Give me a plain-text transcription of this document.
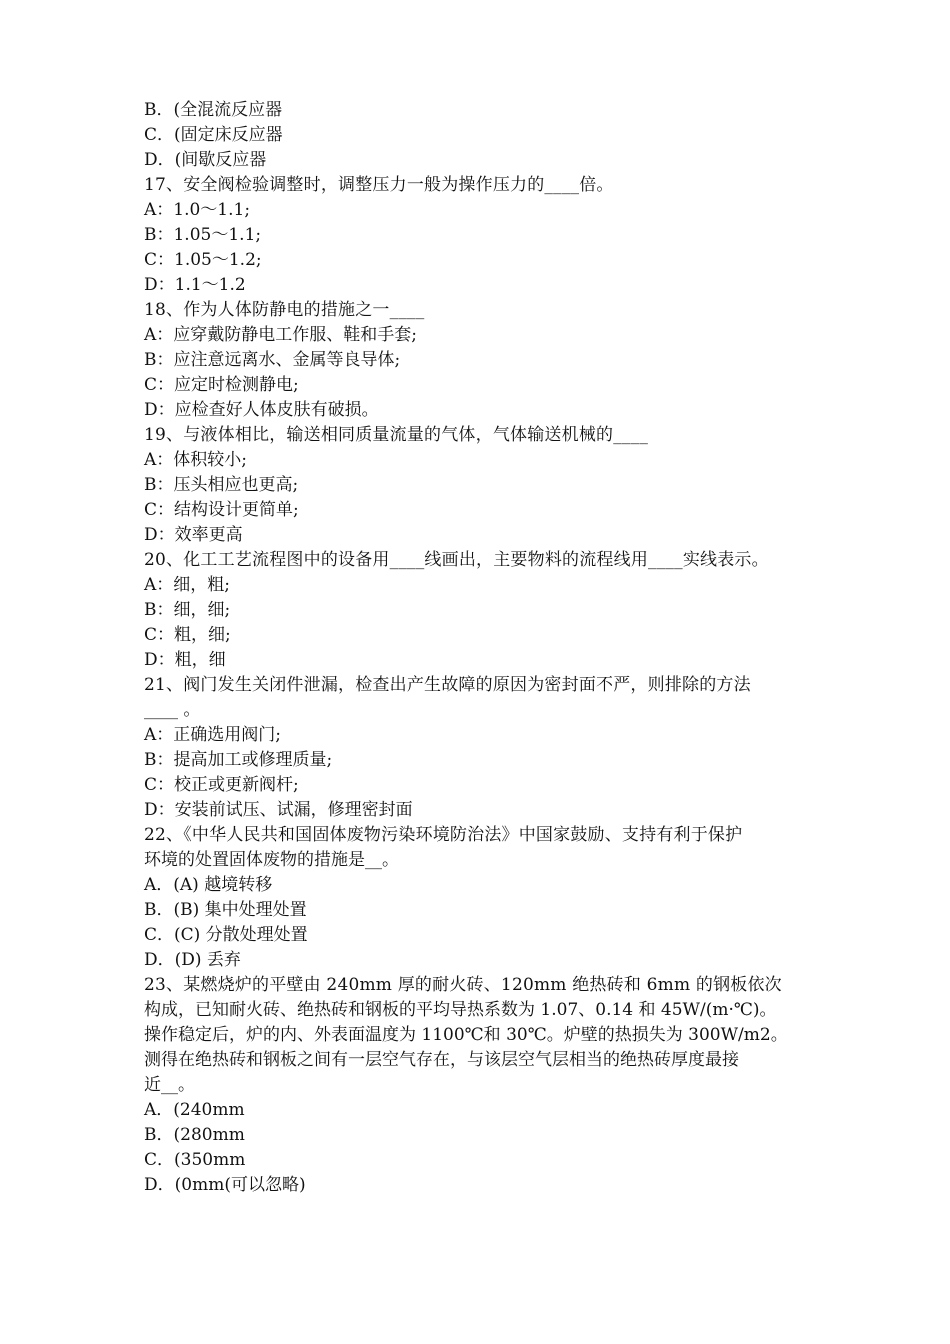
B．(全混流反应器
C．(固定床反应器
D．(间歇反应器
17、安全阀检验调整时，调整压力一般为操作压力的____倍。
A：1.0～1.1;
B：1.05～1.1;
C：1.05～1.2;
D：1.1～1.2
18、作为人体防静电的措施之一____
A：应穿戴防静电工作服、鞋和手套;
B：应注意远离水、金属等良导体;
C：应定时检测静电;
D：应检查好人体皮肤有破损。
19、与液体相比，输送相同质量流量的气体，气体输送机械的____
A：体积较小;
B：压头相应也更高;
C：结构设计更简单;
D：效率更高
20、化工工艺流程图中的设备用____线画出，主要物料的流程线用____实线表示。
A：细，粗;
B：细，细;
C：粗，细;
D：粗，细
21、阀门发生关闭件泄漏，检查出产生故障的原因为密封面不严，则排除的方法
____ 。
A：正确选用阀门;
B：提高加工或修理质量;
C：校正或更新阀杆;
D：安装前试压、试漏，修理密封面
22、《中华人民共和国固体废物污染环境防治法》中国家鼓励、支持有利于保护
环境的处置固体废物的措施是__。
A．(A) 越境转移
B．(B) 集中处理处置
C．(C) 分散处理处置
D．(D) 丢弃
23、某燃烧炉的平壁由 240mm 厚的耐火砖、120mm 绝热砖和 6mm 的钢板依次
构成，已知耐火砖、绝热砖和钢板的平均导热系数为 1.07、0.14 和 45W/(m·℃)。
操作稳定后，炉的内、外表面温度为 1100℃和 30℃。炉壁的热损失为 300W/m2。
测得在绝热砖和钢板之间有一层空气存在，与该层空气层相当的绝热砖厚度最接
近__。
A．(240mm
B．(280mm
C．(350mm
D．(0mm(可以忽略)
